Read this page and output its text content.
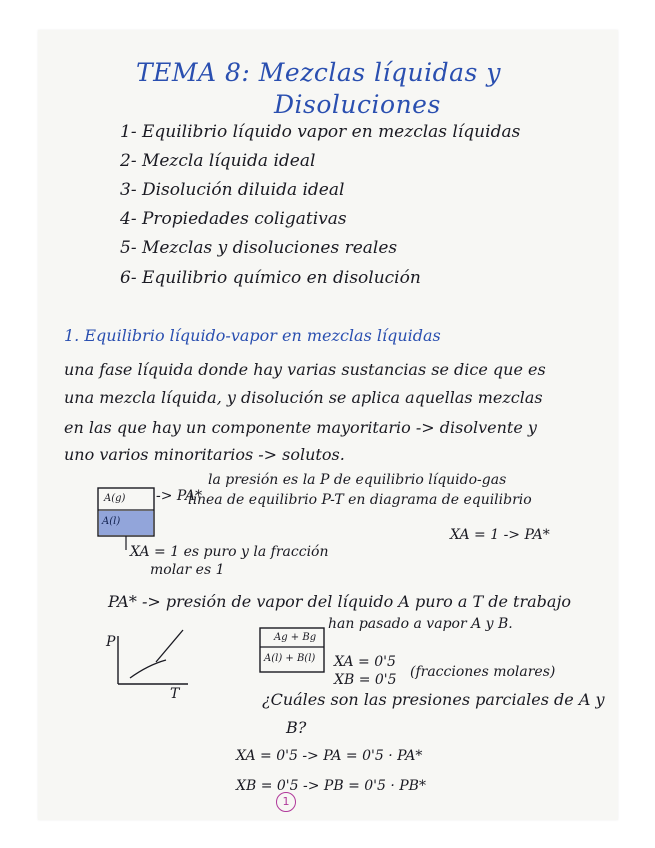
TEMA 8: Mezclas líquidas y
Disoluciones
1- Equilibrio líquido vapor en mezclas líquidas
2- Mezcla líquida ideal
3- Disolución diluida ideal
4- Propiedades coligativas
5- Mezclas y disoluciones reales
6- Equilibrio químico en disolución
1. Equilibrio líquido-vapor en mezclas líquidas
una fase líquida donde hay varias sustancias se dice que es
una mezcla líquida, y disolución se aplica aquellas mezclas
en las que hay un componente mayoritario -> disolvente y
uno varios minoritarios -> solutos.
la presión es la P de equilibrio líquido-gas
línea de equilibrio P-T en diagrama de equilibrio
A(g)
A(l)
-> PA*
XA = 1 -> PA*
XA = 1 es puro y la fracción
molar es 1
PA* -> presión de vapor del líquido A puro a T de trabajo
han pasado a vapor A y B.
P
T
Ag + Bg
A(l) + B(l) XA = 0'5
XB = 0'5 (fracciones molares)
¿Cuáles son las presiones parciales de A y
B?
XA = 0'5 -> PA = 0'5 · PA*
XB = 0'5 -> PB = 0'5 · PB*
1
